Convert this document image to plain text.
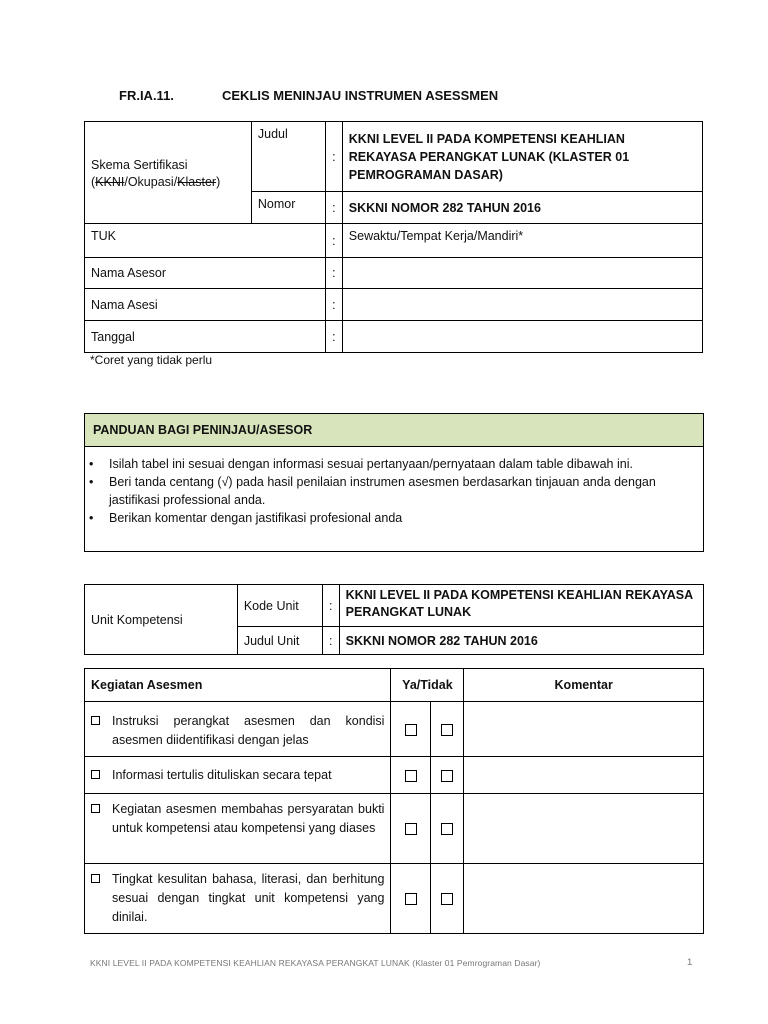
FR.IA.11.	CEKLIS MENINJAU INSTRUMEN ASESSMEN
Skema Sertifikasi
(KKNI/Okupasi/Klaster)	Judul	:	KKNI LEVEL II PADA KOMPETENSI KEAHLIAN REKAYASA PERANGKAT LUNAK (KLASTER 01 PEMROGRAMAN DASAR)
	Nomor	:	SKKNI NOMOR 282 TAHUN 2016
TUK		:	Sewaktu/Tempat Kerja/Mandiri*
Nama Asesor		:	
Nama Asesi		:	
Tanggal		:	
*Coret yang tidak perlu
PANDUAN BAGI PENINJAU/ASESOR
• Isilah tabel ini sesuai dengan informasi sesuai pertanyaan/pernyataan dalam table dibawah ini.
• Beri tanda centang (√) pada hasil penilaian instrumen asesmen berdasarkan tinjauan anda dengan jastifikasi professional anda.
• Berikan komentar dengan jastifikasi profesional anda
Unit Kompetensi	Kode Unit	:	KKNI LEVEL II PADA KOMPETENSI KEAHLIAN REKAYASA PERANGKAT LUNAK
	Judul Unit	:	SKKNI NOMOR 282 TAHUN 2016
Kegiatan Asesmen	Ya/Tidak		Komentar

Instruksi perangkat asesmen dan kondisi asesmen diidentifikasi dengan jelas			

Informasi tertulis dituliskan secara tepat			

Kegiatan asesmen membahas persyaratan bukti untuk kompetensi atau kompetensi yang diases			

Tingkat kesulitan bahasa, literasi, dan berhitung sesuai dengan tingkat unit kompetensi yang dinilai.			

KKNI LEVEL II PADA KOMPETENSI KEAHLIAN REKAYASA PERANGKAT LUNAK (Klaster 01 Pemrograman Dasar)	1
